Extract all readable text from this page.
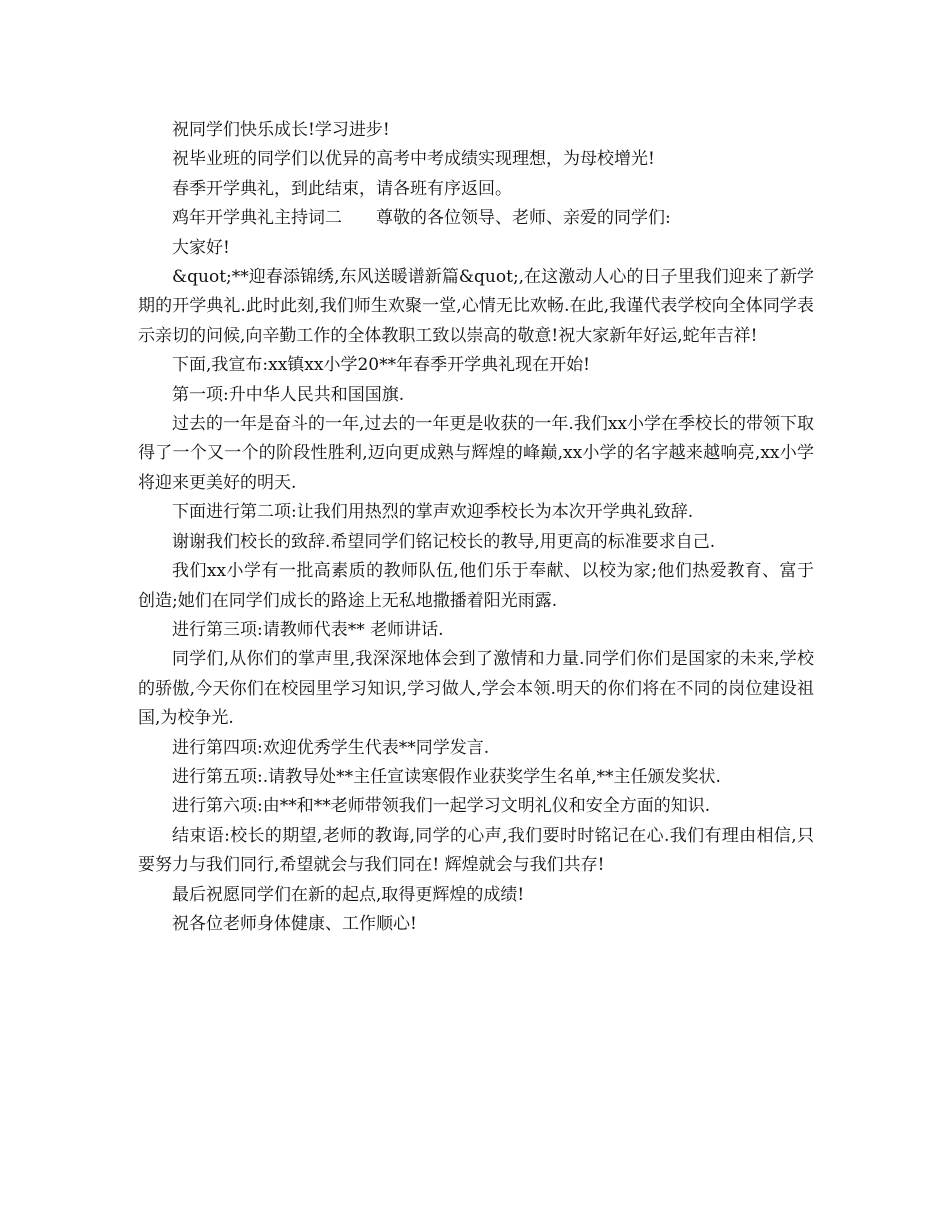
祝同学们快乐成长!学习进步!

祝毕业班的同学们以优异的高考中考成绩实现理想，为母校增光!

春季开学典礼，到此结束，请各班有序返回。

鸡年开学典礼主持词二　　尊敬的各位领导、老师、亲爱的同学们:

大家好!

&quot;**迎春添锦绣,东风送暖谱新篇&quot;,在这激动人心的日子里我们迎来了新学期的开学典礼.此时此刻,我们师生欢聚一堂,心情无比欢畅.在此,我谨代表学校向全体同学表示亲切的问候,向辛勤工作的全体教职工致以崇高的敬意!祝大家新年好运,蛇年吉祥!

下面,我宣布:xx镇xx小学20**年春季开学典礼现在开始!

第一项:升中华人民共和国国旗.

过去的一年是奋斗的一年,过去的一年更是收获的一年.我们xx小学在季校长的带领下取得了一个又一个的阶段性胜利,迈向更成熟与辉煌的峰巅,xx小学的名字越来越响亮,xx小学将迎来更美好的明天.

下面进行第二项:让我们用热烈的掌声欢迎季校长为本次开学典礼致辞.

谢谢我们校长的致辞.希望同学们铭记校长的教导,用更高的标准要求自己.

我们xx小学有一批高素质的教师队伍,他们乐于奉献、以校为家;他们热爱教育、富于创造;她们在同学们成长的路途上无私地撒播着阳光雨露.

进行第三项:请教师代表** 老师讲话.

同学们,从你们的掌声里,我深深地体会到了激情和力量.同学们你们是国家的未来,学校的骄傲,今天你们在校园里学习知识,学习做人,学会本领.明天的你们将在不同的岗位建设祖国,为校争光.

进行第四项:欢迎优秀学生代表**同学发言.

进行第五项:.请教导处**主任宣读寒假作业获奖学生名单,**主任颁发奖状.

进行第六项:由**和**老师带领我们一起学习文明礼仪和安全方面的知识.

结束语:校长的期望,老师的教诲,同学的心声,我们要时时铭记在心.我们有理由相信,只要努力与我们同行,希望就会与我们同在! 辉煌就会与我们共存!

最后祝愿同学们在新的起点,取得更辉煌的成绩!

祝各位老师身体健康、工作顺心!
